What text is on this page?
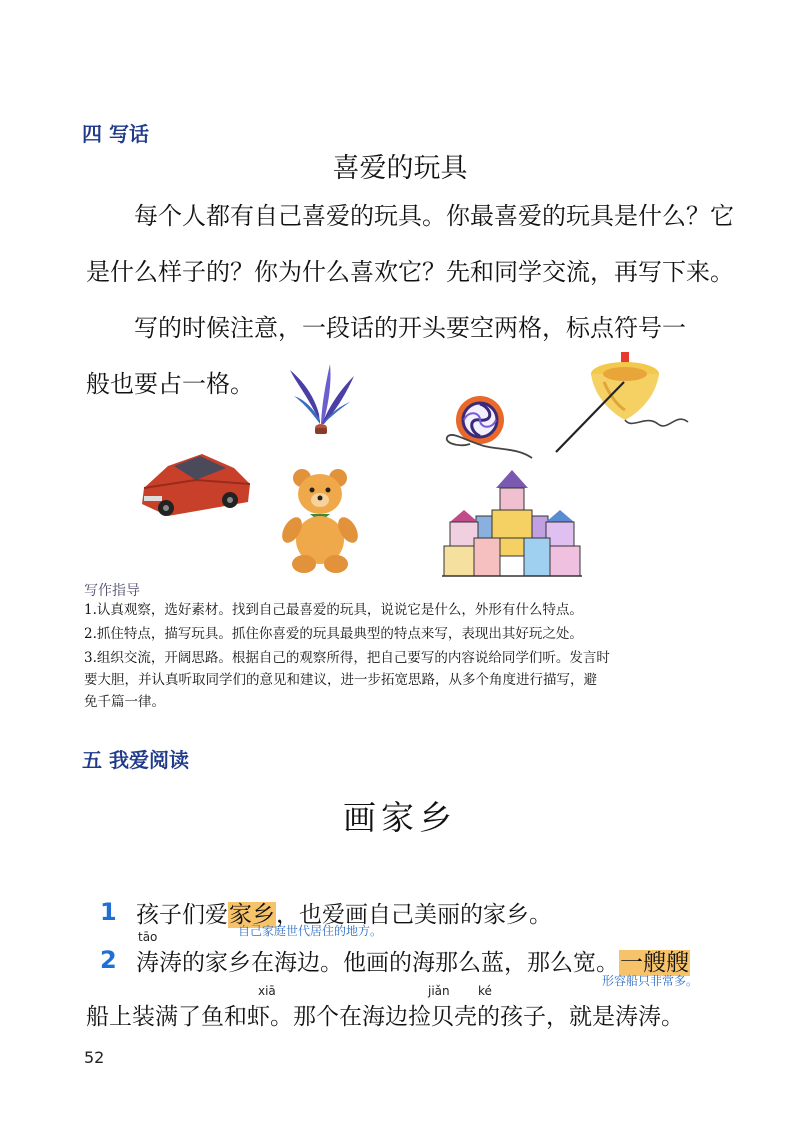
四 写话
喜爱的玩具
每个人都有自己喜爱的玩具。你最喜爱的玩具是什么？它
是什么样子的？你为什么喜欢它？先和同学交流，再写下来。
写的时候注意，一段话的开头要空两格，标点符号一
般也要占一格。
写作指导
1.认真观察，选好素材。找到自己最喜爱的玩具，说说它是什么，外形有什么特点。
2.抓住特点，描写玩具。抓住你喜爱的玩具最典型的特点来写，表现出其好玩之处。
3.组织交流，开阔思路。根据自己的观察所得，把自己要写的内容说给同学们听。发言时
要大胆，并认真听取同学们的意见和建议，进一步拓宽思路，从多个角度进行描写，避
免千篇一律。
五 我爱阅读
画家乡
1 孩子们爱家乡，也爱画自己美丽的家乡。
自己家庭世代居住的地方。
tāo
2 涛涛的家乡在海边。他画的海那么蓝，那么宽。一艘艘
形容船只非常多。
xiā	jiǎn ké
船上装满了鱼和虾。那个在海边捡贝壳的孩子，就是涛涛。
52
